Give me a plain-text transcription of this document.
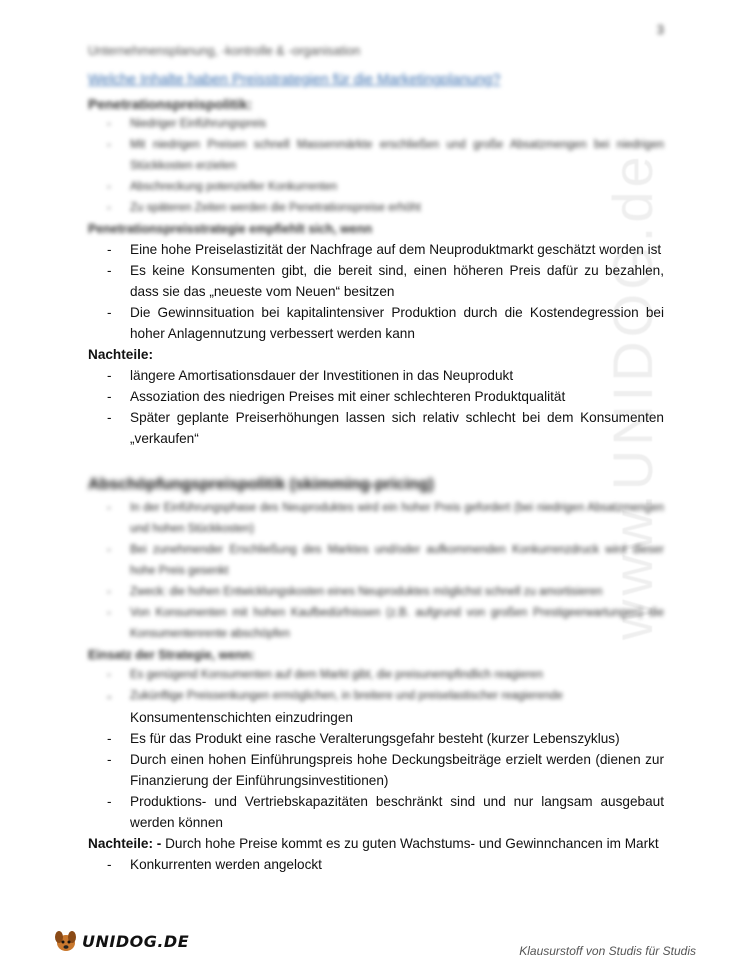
www.UNIDOG.de
3
Unternehmensplanung, -kontrolle & -organisation
Welche Inhalte haben Preisstrategien für die Marketingplanung?

Penetrationspreispolitik:

- Niedriger Einführungspreis
- Mit niedrigen Preisen schnell Massenmärkte erschließen und große Absatzmengen bei niedrigen Stückkosten erzielen
- Abschreckung potenzieller Konkurrenten
- Zu späteren Zeiten werden die Penetrationspreise erhöht

Penetrationspreisstrategie empfiehlt sich, wenn

- Eine hohe Preiselastizität der Nachfrage auf dem Neuproduktmarkt geschätzt worden ist
- Es keine Konsumenten gibt, die bereit sind, einen höheren Preis dafür zu bezahlen, dass sie das „neueste vom Neuen“ besitzen
- Die Gewinnsituation bei kapitalintensiver Produktion durch die Kostendegression bei hoher Anlagennutzung verbessert werden kann

Nachteile:

- längere Amortisationsdauer der Investitionen in das Neuprodukt
- Assoziation des niedrigen Preises mit einer schlechteren Produktqualität
- Später geplante Preiserhöhungen lassen sich relativ schlecht bei dem Konsumenten „verkaufen“

Abschöpfungspreispolitik (skimming-pricing)

- In der Einführungsphase des Neuproduktes wird ein hoher Preis gefordert (bei niedrigen Absatzmengen und hohen Stückkosten)
- Bei zunehmender Erschließung des Marktes und/oder aufkommenden Konkurrenzdruck wird dieser hohe Preis gesenkt
- Zweck: die hohen Entwicklungskosten eines Neuproduktes möglichst schnell zu amortisieren
- Von Konsumenten mit hohen Kaufbedürfnissen (z.B. aufgrund von großen Prestigeerwartungen) die Konsumentenrente abschöpfen

Einsatz der Strategie, wenn:

- Es genügend Konsumenten auf dem Markt gibt, die preisunempfindlich reagieren
- Zukünftige Preissenkungen ermöglichen, in breitere und preiselastischer reagierende
Konsumentenschichten einzudringen
- Es für das Produkt eine rasche Veralterungsgefahr besteht (kurzer Lebenszyklus)
- Durch einen hohen Einführungspreis hohe Deckungsbeiträge erzielt werden (dienen zur Finanzierung der Einführungsinvestitionen)
- Produktions- und Vertriebskapazitäten beschränkt sind und nur langsam ausgebaut werden können

Nachteile: - Durch hohe Preise kommt es zu guten Wachstums- und Gewinnchancen im Markt

- Konkurrenten werden angelockt
UNIDOG.DE
Klausurstoff von Studis für Studis
